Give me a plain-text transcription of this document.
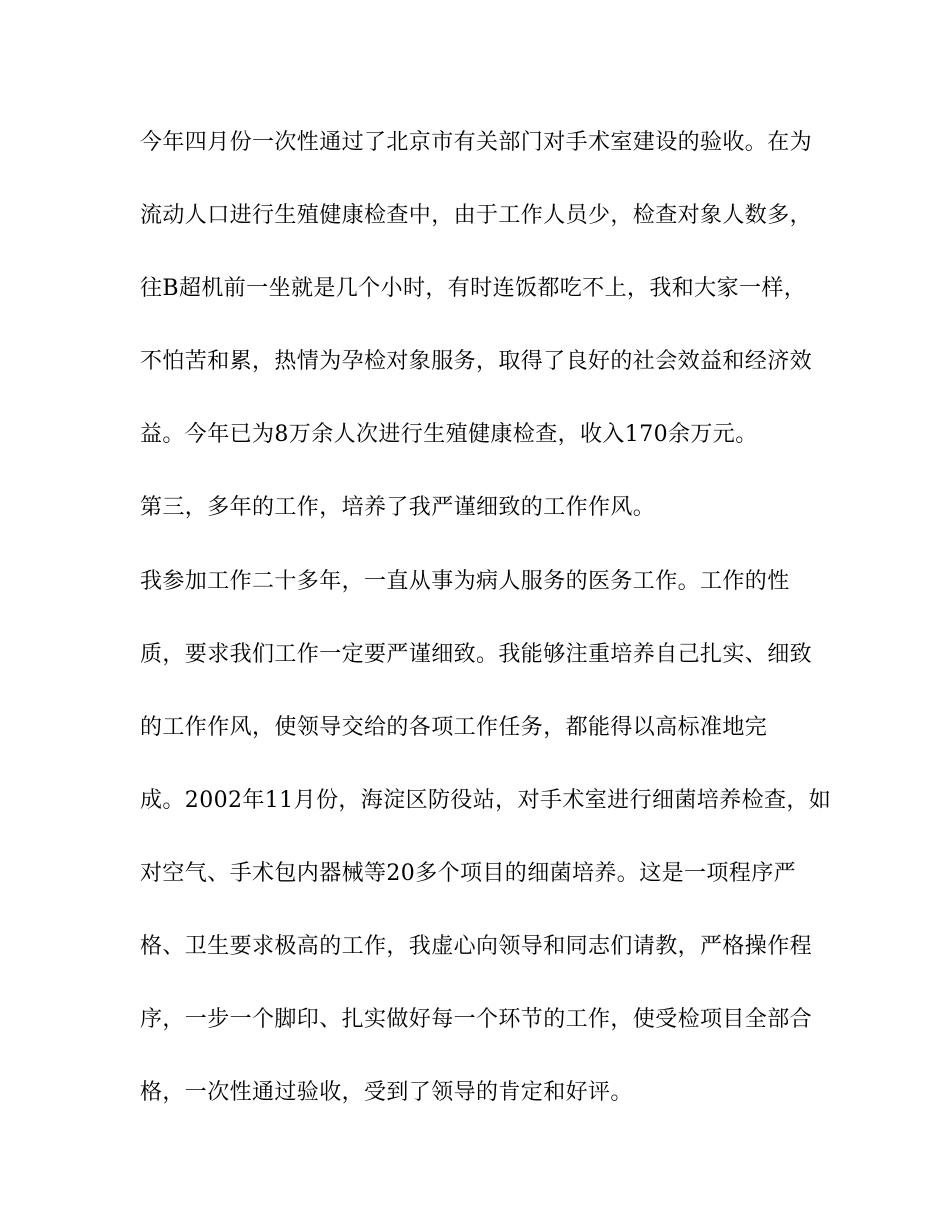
今年四月份一次性通过了北京市有关部门对手术室建设的验收。在为
流动人口进行生殖健康检查中，由于工作人员少，检查对象人数多，
往B超机前一坐就是几个小时，有时连饭都吃不上，我和大家一样，
不怕苦和累，热情为孕检对象服务，取得了良好的社会效益和经济效
益。今年已为8万余人次进行生殖健康检查，收入170余万元。
第三，多年的工作，培养了我严谨细致的工作作风。
我参加工作二十多年，一直从事为病人服务的医务工作。工作的性
质，要求我们工作一定要严谨细致。我能够注重培养自己扎实、细致
的工作作风，使领导交给的各项工作任务，都能得以高标准地完
成。2002年11月份，海淀区防役站，对手术室进行细菌培养检查，如
对空气、手术包内器械等20多个项目的细菌培养。这是一项程序严
格、卫生要求极高的工作，我虚心向领导和同志们请教，严格操作程
序，一步一个脚印、扎实做好每一个环节的工作，使受检项目全部合
格，一次性通过验收，受到了领导的肯定和好评。
